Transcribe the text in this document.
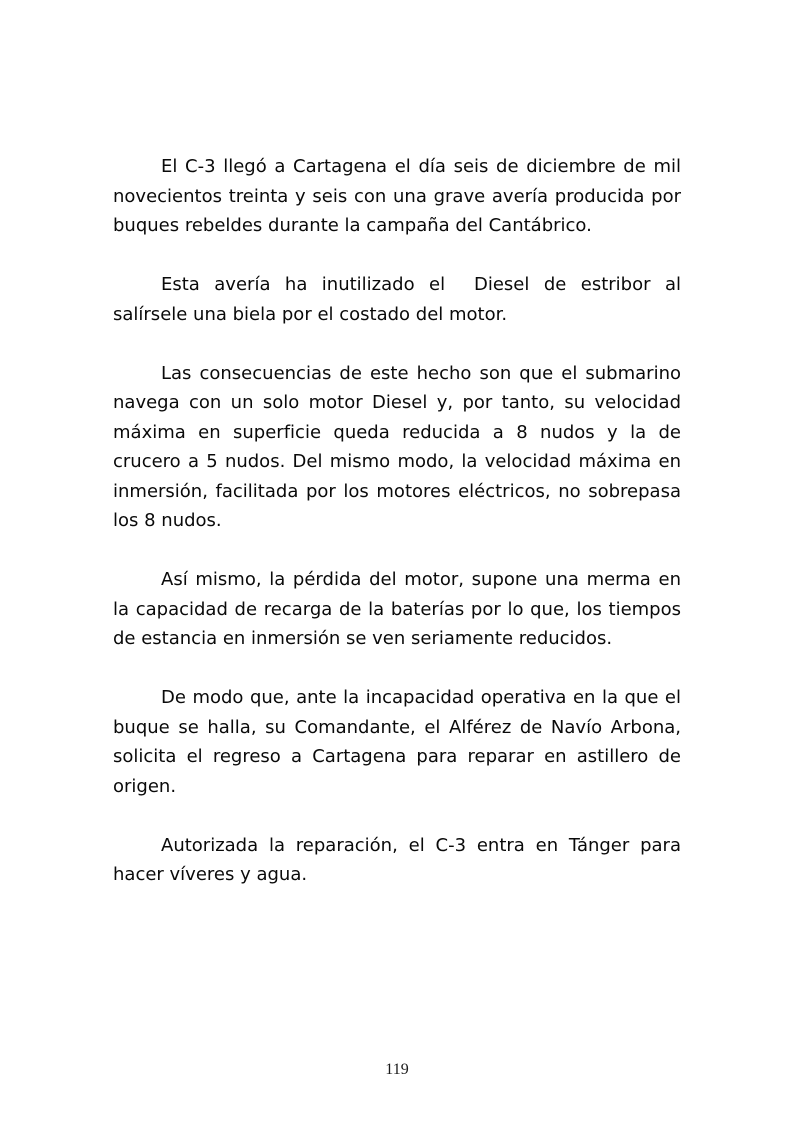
El C-3 llegó a Cartagena el día seis de diciembre de mil novecientos treinta y seis con una grave avería producida por buques rebeldes durante la campaña del Cantábrico.

Esta avería ha inutilizado el  Diesel de estribor al salírsele una biela por el costado del motor.

Las consecuencias de este hecho son que el submarino navega con un solo motor Diesel y, por tanto, su velocidad máxima en superficie queda reducida a 8 nudos y la de crucero a 5 nudos. Del mismo modo, la velocidad máxima en inmersión, facilitada por los motores eléctricos, no sobrepasa los 8 nudos.

Así mismo, la pérdida del motor, supone una merma en la capacidad de recarga de la baterías por lo que, los tiempos de estancia en inmersión se ven seriamente reducidos.

De modo que, ante la incapacidad operativa en la que el buque se halla, su Comandante, el Alférez de Navío Arbona, solicita el regreso a Cartagena para reparar en astillero de origen.

Autorizada la reparación, el C-3 entra en Tánger para hacer víveres y agua.

119
